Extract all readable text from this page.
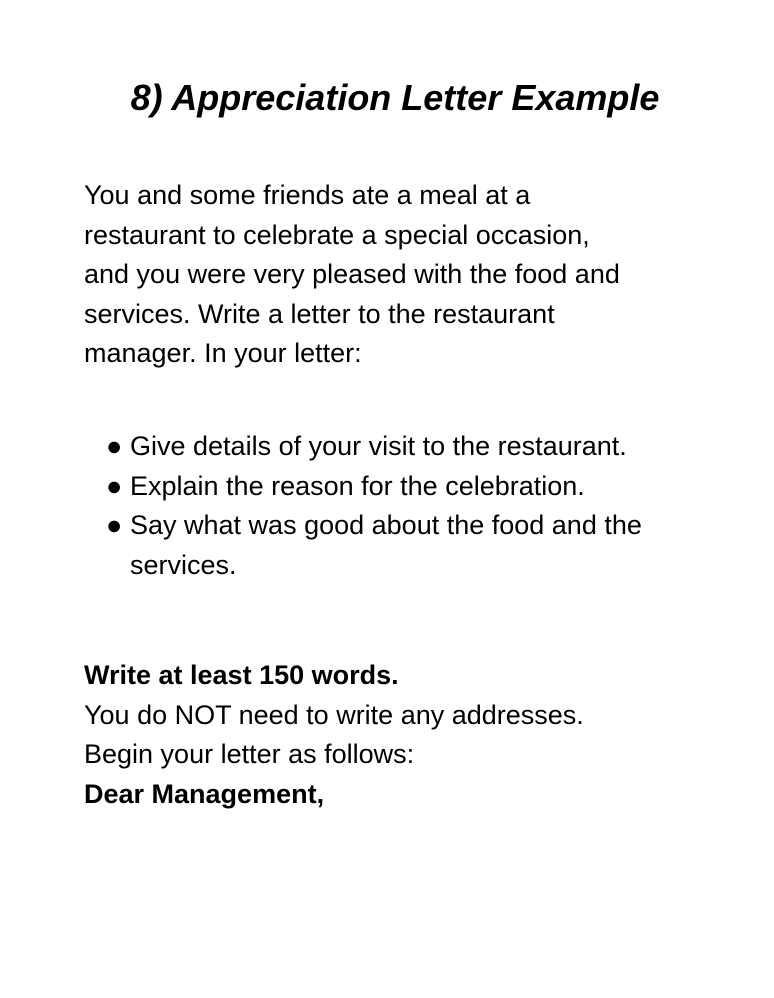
8) Appreciation Letter Example

You and some friends ate a meal at a
restaurant to celebrate a special occasion,
and you were very pleased with the food and
services. Write a letter to the restaurant
manager. In your letter:

● Give details of your visit to the restaurant.
● Explain the reason for the celebration.
● Say what was good about the food and the services.
Write at least 150 words.
You do NOT need to write any addresses.
Begin your letter as follows:
Dear Management,
